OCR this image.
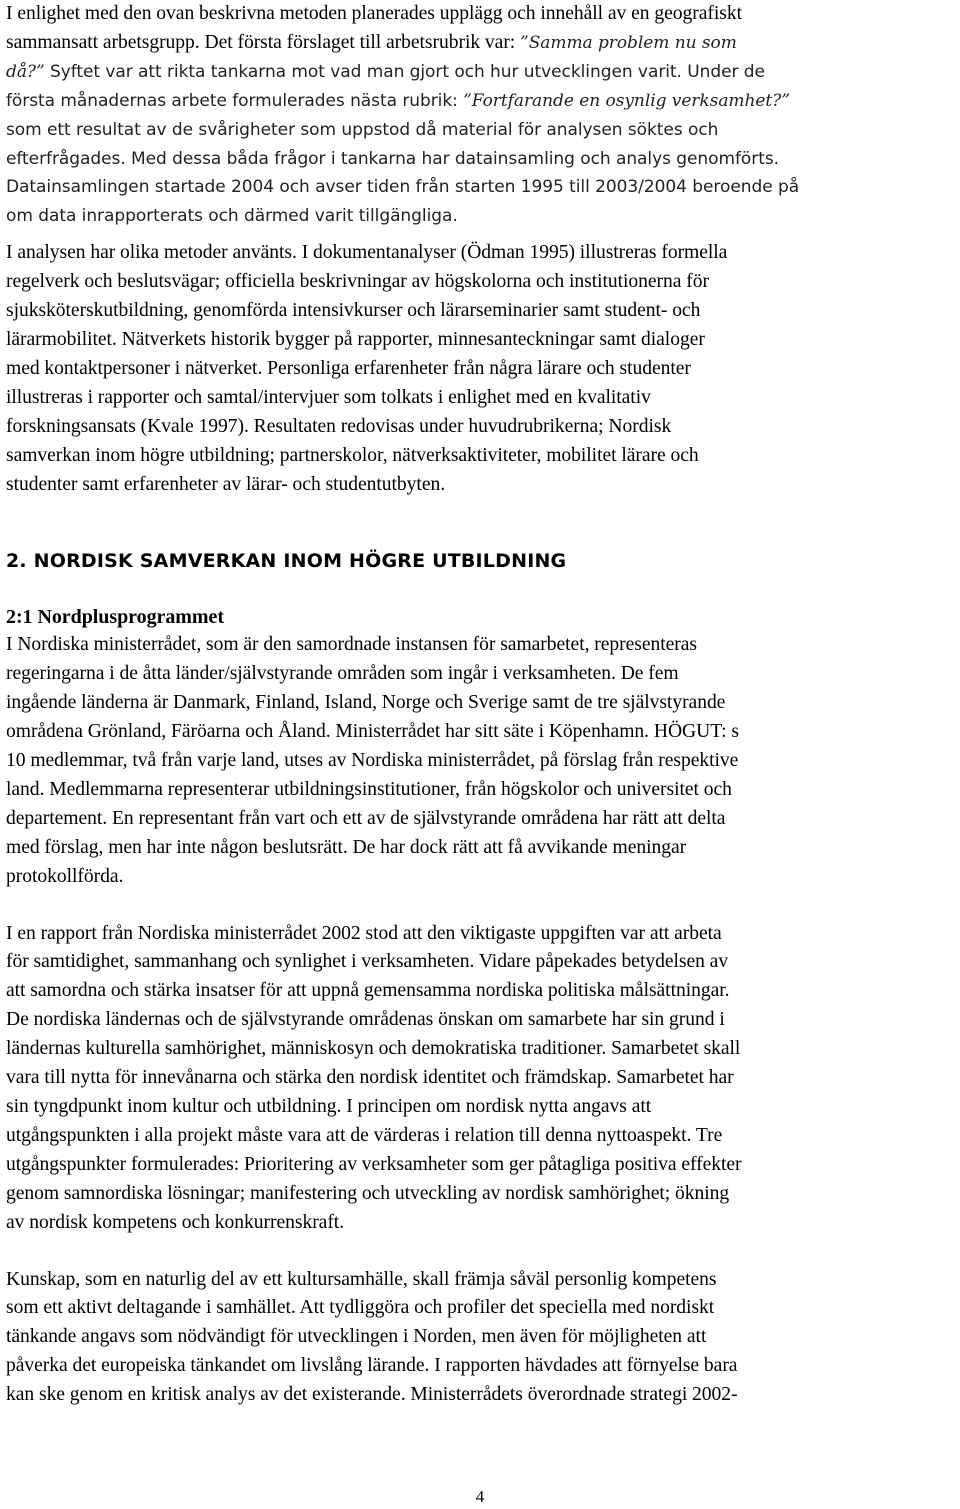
I enlighet med den ovan beskrivna metoden planerades upplägg och innehåll av en geografiskt

sammansatt arbetsgrupp. Det första förslaget till arbetsrubrik var: ”Samma problem nu som

då?” Syftet var att rikta tankarna mot vad man gjort och hur utvecklingen varit. Under de

första månadernas arbete formulerades nästa rubrik: ”Fortfarande en osynlig verksamhet?”

som ett resultat av de svårigheter som uppstod då material för analysen söktes och

efterfrågades. Med dessa båda frågor i tankarna har datainsamling och analys genomförts.

Datainsamlingen startade 2004 och avser tiden från starten 1995 till 2003/2004 beroende på

om data inrapporterats och därmed varit tillgängliga.

I analysen har olika metoder använts. I dokumentanalyser (Ödman 1995) illustreras formella

regelverk och beslutsvägar; officiella beskrivningar av högskolorna och institutionerna för

sjuksköterskutbildning, genomförda intensivkurser och lärarseminarier samt student- och

lärarmobilitet. Nätverkets historik bygger på rapporter, minnesanteckningar samt dialoger

med kontaktpersoner i nätverket. Personliga erfarenheter från några lärare och studenter

illustreras i rapporter och samtal/intervjuer som tolkats i enlighet med en kvalitativ

forskningsansats (Kvale 1997). Resultaten redovisas under huvudrubrikerna; Nordisk

samverkan inom högre utbildning; partnerskolor, nätverksaktiviteter, mobilitet lärare och

studenter samt erfarenheter av lärar- och studentutbyten.

2. NORDISK SAMVERKAN INOM HÖGRE UTBILDNING

2:1 Nordplusprogrammet

I Nordiska ministerrådet, som är den samordnade instansen för samarbetet, representeras

regeringarna i de åtta länder/självstyrande områden som ingår i verksamheten. De fem

ingående länderna är Danmark, Finland, Island, Norge och Sverige samt de tre självstyrande

områdena Grönland, Färöarna och Åland. Ministerrådet har sitt säte i Köpenhamn. HÖGUT: s

10 medlemmar, två från varje land, utses av Nordiska ministerrådet, på förslag från respektive

land. Medlemmarna representerar utbildningsinstitutioner, från högskolor och universitet och

departement. En representant från vart och ett av de självstyrande områdena har rätt att delta

med förslag, men har inte någon beslutsrätt. De har dock rätt att få avvikande meningar

protokollförda.

I en rapport från Nordiska ministerrådet 2002 stod att den viktigaste uppgiften var att arbeta

för samtidighet, sammanhang och synlighet i verksamheten. Vidare påpekades betydelsen av

att samordna och stärka insatser för att uppnå gemensamma nordiska politiska målsättningar.

De nordiska ländernas och de självstyrande områdenas önskan om samarbete har sin grund i

ländernas kulturella samhörighet, människosyn och demokratiska traditioner. Samarbetet skall

vara till nytta för innevånarna och stärka den nordisk identitet och främdskap. Samarbetet har

sin tyngdpunkt inom kultur och utbildning. I principen om nordisk nytta angavs att

utgångspunkten i alla projekt måste vara att de värderas i relation till denna nyttoaspekt. Tre

utgångspunkter formulerades: Prioritering av verksamheter som ger påtagliga positiva effekter

genom samnordiska lösningar; manifestering och utveckling av nordisk samhörighet; ökning

av nordisk kompetens och konkurrenskraft.

Kunskap, som en naturlig del av ett kultursamhälle, skall främja såväl personlig kompetens

som ett aktivt deltagande i samhället. Att tydliggöra och profiler det speciella med nordiskt

tänkande angavs som nödvändigt för utvecklingen i Norden, men även för möjligheten att

påverka det europeiska tänkandet om livslång lärande. I rapporten hävdades att förnyelse bara

kan ske genom en kritisk analys av det existerande. Ministerrådets överordnade strategi 2002-

4
